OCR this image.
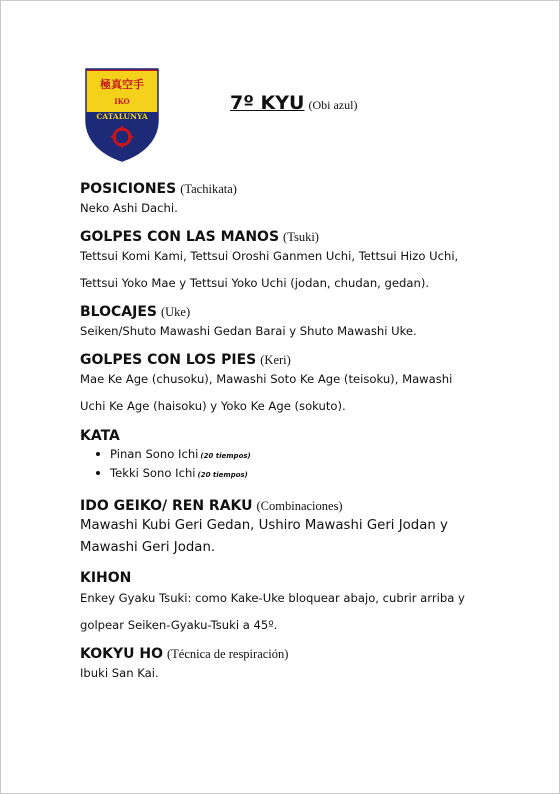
極真空手
IKO
CATALUNYA
7º KYU (Obi azul)
POSICIONES (Tachikata)
Neko Ashi Dachi.
GOLPES CON LAS MANOS (Tsuki)
Tettsui Komi Kami, Tettsui Oroshi Ganmen Uchi, Tettsui Hizo Uchi,
Tettsui Yoko Mae y Tettsui Yoko Uchi (jodan, chudan, gedan).
BLOCAJES (Uke)
Seiken/Shuto Mawashi Gedan Barai y Shuto Mawashi Uke.
GOLPES CON LOS PIES (Keri)
Mae Ke Age (chusoku), Mawashi Soto Ke Age (teisoku), Mawashi
Uchi Ke Age (haisoku) y Yoko Ke Age (sokuto).
KATA
Pinan Sono Ichi (20 tiempos)
Tekki Sono Ichi (20 tiempos)
IDO GEIKO/ REN RAKU (Combinaciones)
Mawashi Kubi Geri Gedan, Ushiro Mawashi Geri Jodan y
Mawashi Geri Jodan.
KIHON
Enkey Gyaku Tsuki: como Kake-Uke bloquear abajo, cubrir arriba y
golpear Seiken-Gyaku-Tsuki a 45º.
KOKYU HO (Técnica de respiración)
Ibuki San Kai.
